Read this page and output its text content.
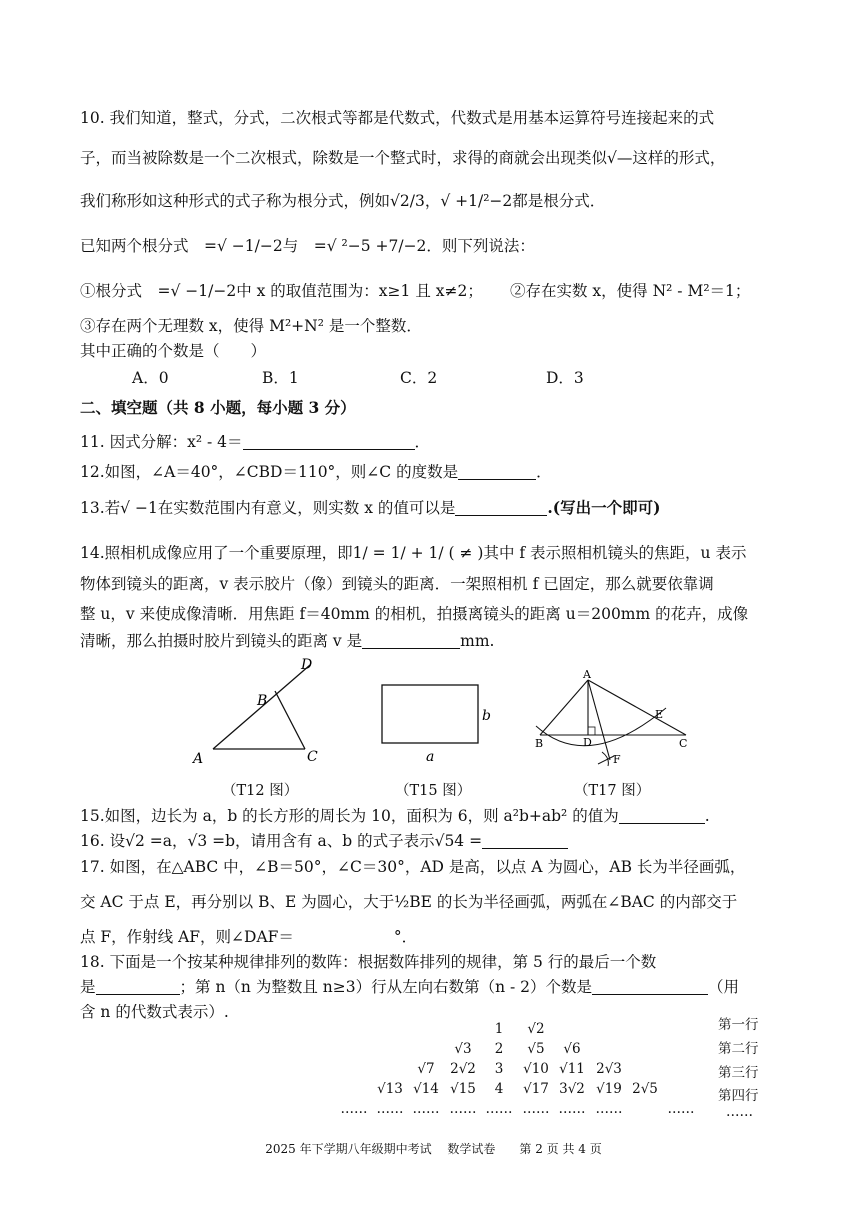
10. 我们知道，整式，分式，二次根式等都是代数式，代数式是用基本运算符号连接起来的式
子，而当被除数是一个二次根式，除数是一个整式时，求得的商就会出现类似√—这样的形式，
我们称形如这种形式的式子称为根分式，例如√2/3，√ +1/²−2都是根分式．
已知两个根分式　=√ −1/−2与　=√ ²−5 +7/−2．则下列说法：
①根分式　=√ −1/−2中 x 的取值范围为：x≥1 且 x≠2；	②存在实数 x，使得 N² - M²＝1；
③存在两个无理数 x，使得 M²+N² 是一个整数．
其中正确的个数是（　　）
A．0	B．1	C．2	D．3
二、填空题（共 8 小题，每小题 3 分）
11. 因式分解：x² - 4＝	．
12.如图，∠A＝40°，∠CBD＝110°，则∠C 的度数是	．
13.若√ −1在实数范围内有意义，则实数 x 的值可以是	.(写出一个即可)
14.照相机成像应用了一个重要原理，即1/ = 1/ + 1/ ( ≠ )其中 f 表示照相机镜头的焦距，u 表示
物体到镜头的距离，v 表示胶片（像）到镜头的距离．一架照相机 f 已固定，那么就要依靠调
整 u，v 来使成像清晰．用焦距 f＝40mm 的相机，拍摄离镜头的距离 u＝200mm 的花卉，成像
清晰，那么拍摄时胶片到镜头的距离 v 是	mm.
A
B
C
D
（T12 图）
b
a
（T15 图）
A
B	C
D
E
F
（T17 图）
15.如图，边长为 a，b 的长方形的周长为 10，面积为 6，则 a²b+ab² 的值为	.
16. 设√2 =a，√3 =b，请用含有 a、b 的式子表示√54 =
17. 如图，在△ABC 中，∠B＝50°，∠C＝30°，AD 是高，以点 A 为圆心，AB 长为半径画弧，
交 AC 于点 E，再分别以 B、E 为圆心，大于½BE 的长为半径画弧，两弧在∠BAC 的内部交于
点 F，作射线 AF，则∠DAF＝	°．
18. 下面是一个按某种规律排列的数阵：根据数阵排列的规律，第 5 行的最后一个数
是	；第 n（n 为整数且 n≥3）行从左向右数第（n - 2）个数是	（用
含 n 的代数式表示）.
1	√2
√3	2	√5	√6
√7	2√2	3	√10 √11 2√3
√13 √14 √15	4	√17 3√2 √19 2√5
…… …… …… …… …… …… …… ……	……
第一行
第二行
第三行
第四行
……
2025 年下学期八年级期中考试　 数学试卷　　第 2 页 共 4 页
